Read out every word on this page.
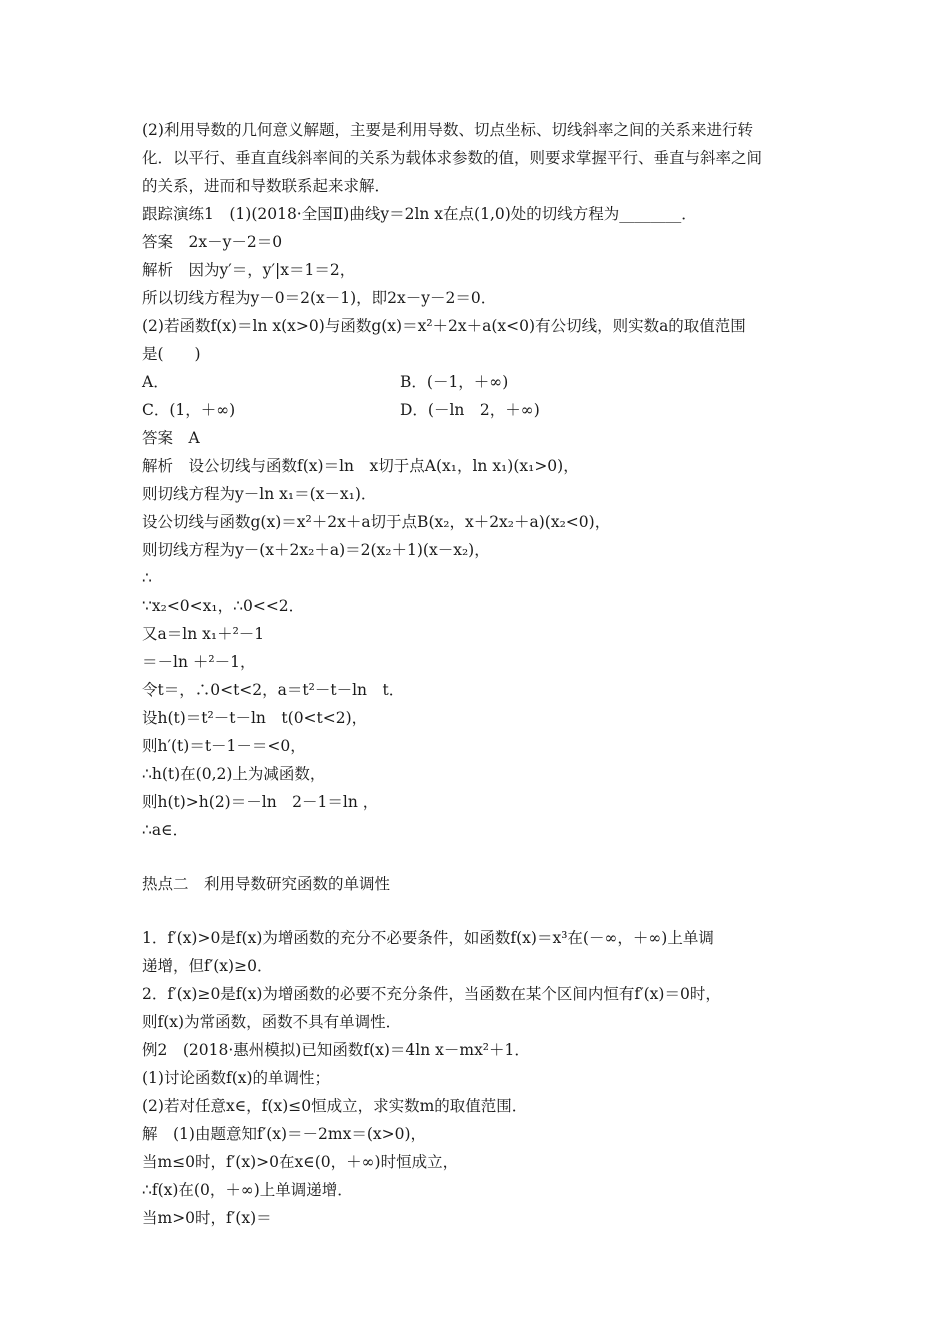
(2)利用导数的几何意义解题，主要是利用导数、切点坐标、切线斜率之间的关系来进行转
化．以平行、垂直直线斜率间的关系为载体求参数的值，则要求掌握平行、垂直与斜率之间
的关系，进而和导数联系起来求解．
跟踪演练1　(1)(2018·全国Ⅱ)曲线y＝2ln x在点(1,0)处的切线方程为________．
答案　2x－y－2＝0
解析　因为y′＝，y′|x＝1＝2，
所以切线方程为y－0＝2(x－1)，即2x－y－2＝0．
(2)若函数f(x)＝ln x(x>0)与函数g(x)＝x²＋2x＋a(x<0)有公切线，则实数a的取值范围
是(　　)
A．	B．(－1，＋∞)
C．(1，＋∞)	D．(－ln　2，＋∞)
答案　A
解析　设公切线与函数f(x)＝ln　x切于点A(x₁，ln x₁)(x₁>0)，
则切线方程为y－ln x₁＝(x－x₁)．
设公切线与函数g(x)＝x²＋2x＋a切于点B(x₂，x＋2x₂＋a)(x₂<0)，
则切线方程为y－(x＋2x₂＋a)＝2(x₂＋1)(x－x₂)，
∴
∵x₂<0<x₁，∴0<<2．
又a＝ln x₁＋²－1
＝－ln ＋²－1，
令t＝，∴0<t<2，a＝t²－t－ln　t．
设h(t)＝t²－t－ln　t(0<t<2)，
则h′(t)＝t－1－＝<0，
∴h(t)在(0,2)上为减函数，
则h(t)>h(2)＝－ln　2－1＝ln ，
∴a∈．
热点二　利用导数研究函数的单调性
1．f′(x)>0是f(x)为增函数的充分不必要条件，如函数f(x)＝x³在(－∞，＋∞)上单调
递增，但f′(x)≥0．
2．f′(x)≥0是f(x)为增函数的必要不充分条件，当函数在某个区间内恒有f′(x)＝0时，
则f(x)为常函数，函数不具有单调性．
例2　(2018·惠州模拟)已知函数f(x)＝4ln x－mx²＋1．
(1)讨论函数f(x)的单调性；
(2)若对任意x∈，f(x)≤0恒成立，求实数m的取值范围．
解　(1)由题意知f′(x)＝－2mx＝(x>0)，
当m≤0时，f′(x)>0在x∈(0，＋∞)时恒成立，
∴f(x)在(0，＋∞)上单调递增．
当m>0时，f′(x)＝
